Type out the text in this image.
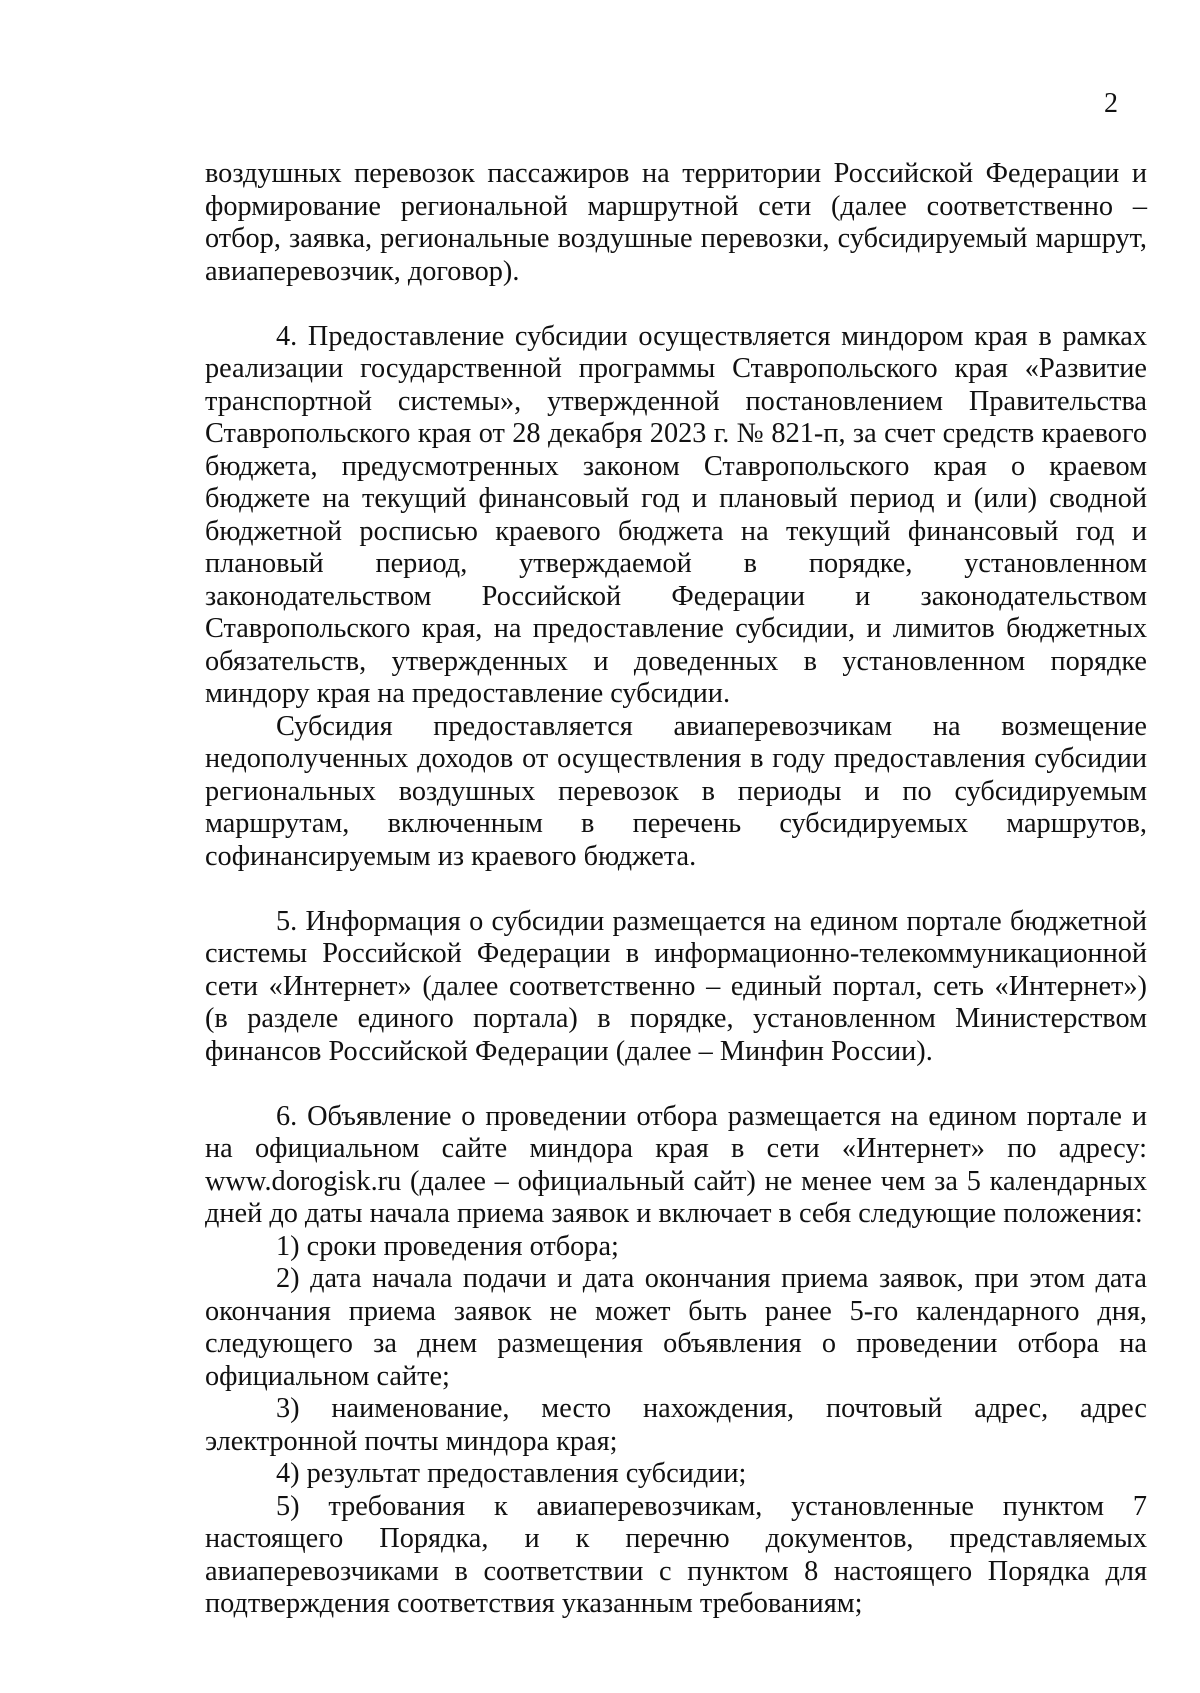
2

воздушных перевозок пассажиров на территории Российской Федерации и формирование региональной маршрутной сети (далее соответственно – отбор, заявка, региональные воздушные перевозки, субсидируемый маршрут, авиаперевозчик, договор).

4. Предоставление субсидии осуществляется миндором края в рамках реализации государственной программы Ставропольского края «Развитие транспортной системы», утвержденной постановлением Правительства Ставропольского края от 28 декабря 2023 г. № 821-п, за счет средств краевого бюджета, предусмотренных законом Ставропольского края о краевом бюджете на текущий финансовый год и плановый период и (или) сводной бюджетной росписью краевого бюджета на текущий финансовый год и плановый период, утверждаемой в порядке, установленном законодательством Российской Федерации и законодательством Ставропольского края, на предоставление субсидии, и лимитов бюджетных обязательств, утвержденных и доведенных в установленном порядке миндору края на предоставление субсидии.

Субсидия предоставляется авиаперевозчикам на возмещение недополученных доходов от осуществления в году предоставления субсидии региональных воздушных перевозок в периоды и по субсидируемым маршрутам, включенным в перечень субсидируемых маршрутов, софинансируемым из краевого бюджета.

5. Информация о субсидии размещается на едином портале бюджетной системы Российской Федерации в информационно-телекоммуникационной сети «Интернет» (далее соответственно – единый портал, сеть «Интернет») (в разделе единого портала) в порядке, установленном Министерством финансов Российской Федерации (далее – Минфин России).

6. Объявление о проведении отбора размещается на едином портале и на официальном сайте миндора края в сети «Интернет» по адресу: www.dorogisk.ru (далее – официальный сайт) не менее чем за 5 календарных дней до даты начала приема заявок и включает в себя следующие положения:

1) сроки проведения отбора;

2) дата начала подачи и дата окончания приема заявок, при этом дата окончания приема заявок не может быть ранее 5-го календарного дня, следующего за днем размещения объявления о проведении отбора на официальном сайте;

3) наименование, место нахождения, почтовый адрес, адрес электронной почты миндора края;

4) результат предоставления субсидии;

5) требования к авиаперевозчикам, установленные пунктом 7 настоящего Порядка, и к перечню документов, представляемых авиаперевозчиками в соответствии с пунктом 8 настоящего Порядка для подтверждения соответствия указанным требованиям;
